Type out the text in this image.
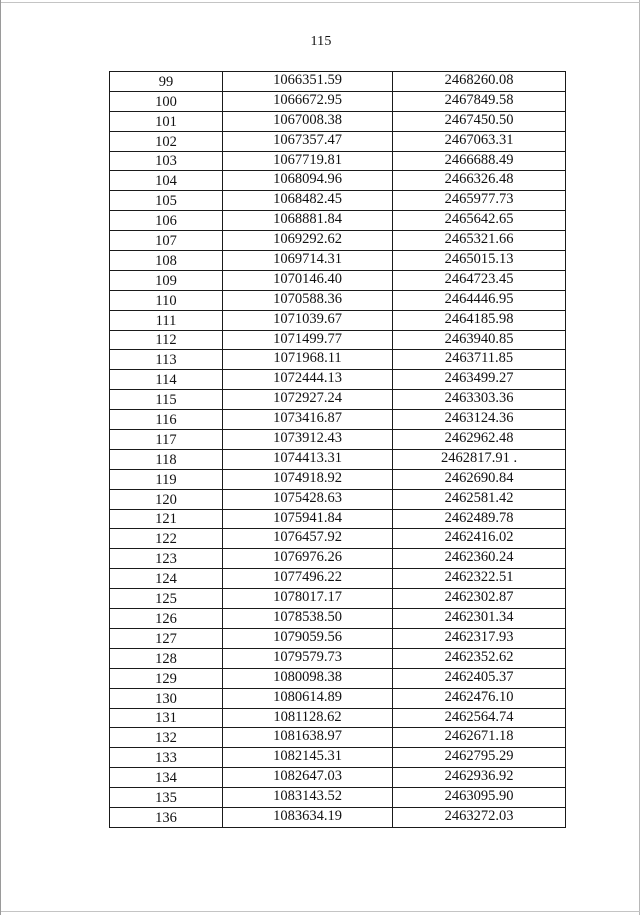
115
99	1066351.59	2468260.08
100	1066672.95	2467849.58
101	1067008.38	2467450.50
102	1067357.47	2467063.31
103	1067719.81	2466688.49
104	1068094.96	2466326.48
105	1068482.45	2465977.73
106	1068881.84	2465642.65
107	1069292.62	2465321.66
108	1069714.31	2465015.13
109	1070146.40	2464723.45
110	1070588.36	2464446.95
111	1071039.67	2464185.98
112	1071499.77	2463940.85
113	1071968.11	2463711.85
114	1072444.13	2463499.27
115	1072927.24	2463303.36
116	1073416.87	2463124.36
117	1073912.43	2462962.48
118	1074413.31	2462817.91 .
119	1074918.92	2462690.84
120	1075428.63	2462581.42
121	1075941.84	2462489.78
122	1076457.92	2462416.02
123	1076976.26	2462360.24
124	1077496.22	2462322.51
125	1078017.17	2462302.87
126	1078538.50	2462301.34
127	1079059.56	2462317.93
128	1079579.73	2462352.62
129	1080098.38	2462405.37
130	1080614.89	2462476.10
131	1081128.62	2462564.74
132	1081638.97	2462671.18
133	1082145.31	2462795.29
134	1082647.03	2462936.92
135	1083143.52	2463095.90
136	1083634.19	2463272.03
